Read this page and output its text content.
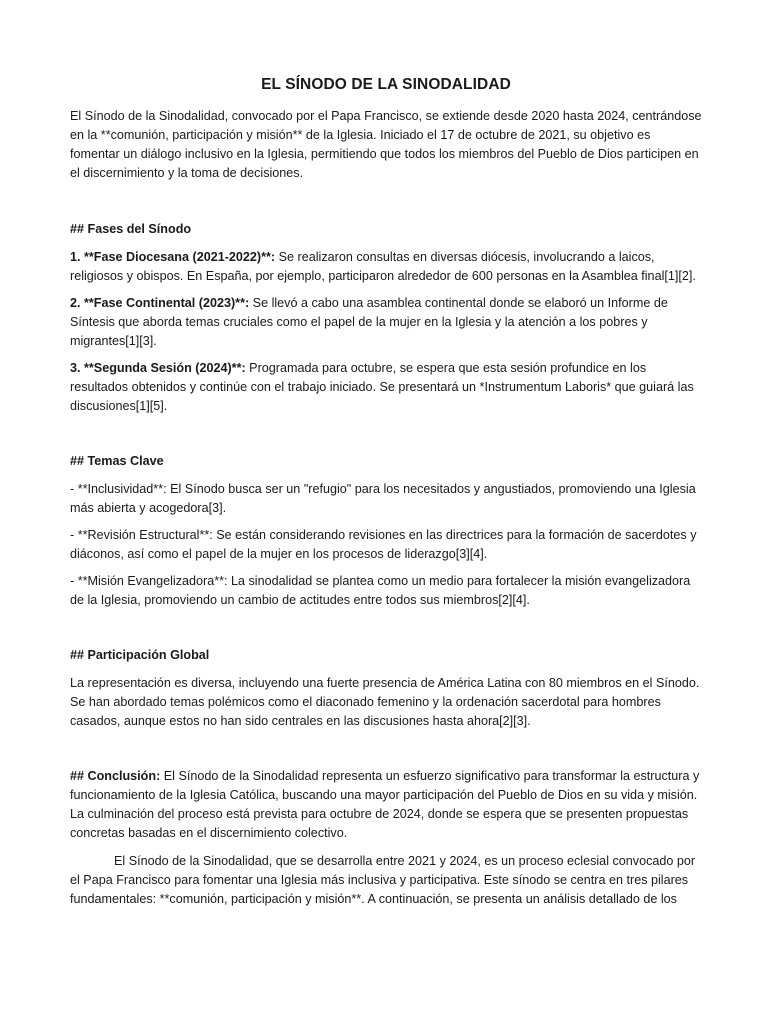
EL SÍNODO DE LA SINODALIDAD

El Sínodo de la Sinodalidad, convocado por el Papa Francisco, se extiende desde 2020 hasta 2024, centrándose en la **comunión, participación y misión** de la Iglesia. Iniciado el 17 de octubre de 2021, su objetivo es fomentar un diálogo inclusivo en la Iglesia, permitiendo que todos los miembros del Pueblo de Dios participen en el discernimiento y la toma de decisiones.

## Fases del Sínodo

1. **Fase Diocesana (2021-2022)**: Se realizaron consultas en diversas diócesis, involucrando a laicos, religiosos y obispos. En España, por ejemplo, participaron alrededor de 600 personas en la Asamblea final[1][2].

2. **Fase Continental (2023)**: Se llevó a cabo una asamblea continental donde se elaboró un Informe de Síntesis que aborda temas cruciales como el papel de la mujer en la Iglesia y la atención a los pobres y migrantes[1][3].

3. **Segunda Sesión (2024)**: Programada para octubre, se espera que esta sesión profundice en los resultados obtenidos y continúe con el trabajo iniciado. Se presentará un *Instrumentum Laboris* que guiará las discusiones[1][5].

## Temas Clave

- **Inclusividad**: El Sínodo busca ser un "refugio" para los necesitados y angustiados, promoviendo una Iglesia más abierta y acogedora[3].

- **Revisión Estructural**: Se están considerando revisiones en las directrices para la formación de sacerdotes y diáconos, así como el papel de la mujer en los procesos de liderazgo[3][4].

- **Misión Evangelizadora**: La sinodalidad se plantea como un medio para fortalecer la misión evangelizadora de la Iglesia, promoviendo un cambio de actitudes entre todos sus miembros[2][4].

## Participación Global

La representación es diversa, incluyendo una fuerte presencia de América Latina con 80 miembros en el Sínodo. Se han abordado temas polémicos como el diaconado femenino y la ordenación sacerdotal para hombres casados, aunque estos no han sido centrales en las discusiones hasta ahora[2][3].

## Conclusión: El Sínodo de la Sinodalidad representa un esfuerzo significativo para transformar la estructura y funcionamiento de la Iglesia Católica, buscando una mayor participación del Pueblo de Dios en su vida y misión. La culminación del proceso está prevista para octubre de 2024, donde se espera que se presenten propuestas concretas basadas en el discernimiento colectivo.

El Sínodo de la Sinodalidad, que se desarrolla entre 2021 y 2024, es un proceso eclesial convocado por el Papa Francisco para fomentar una Iglesia más inclusiva y participativa. Este sínodo se centra en tres pilares fundamentales: **comunión, participación y misión**. A continuación, se presenta un análisis detallado de los
